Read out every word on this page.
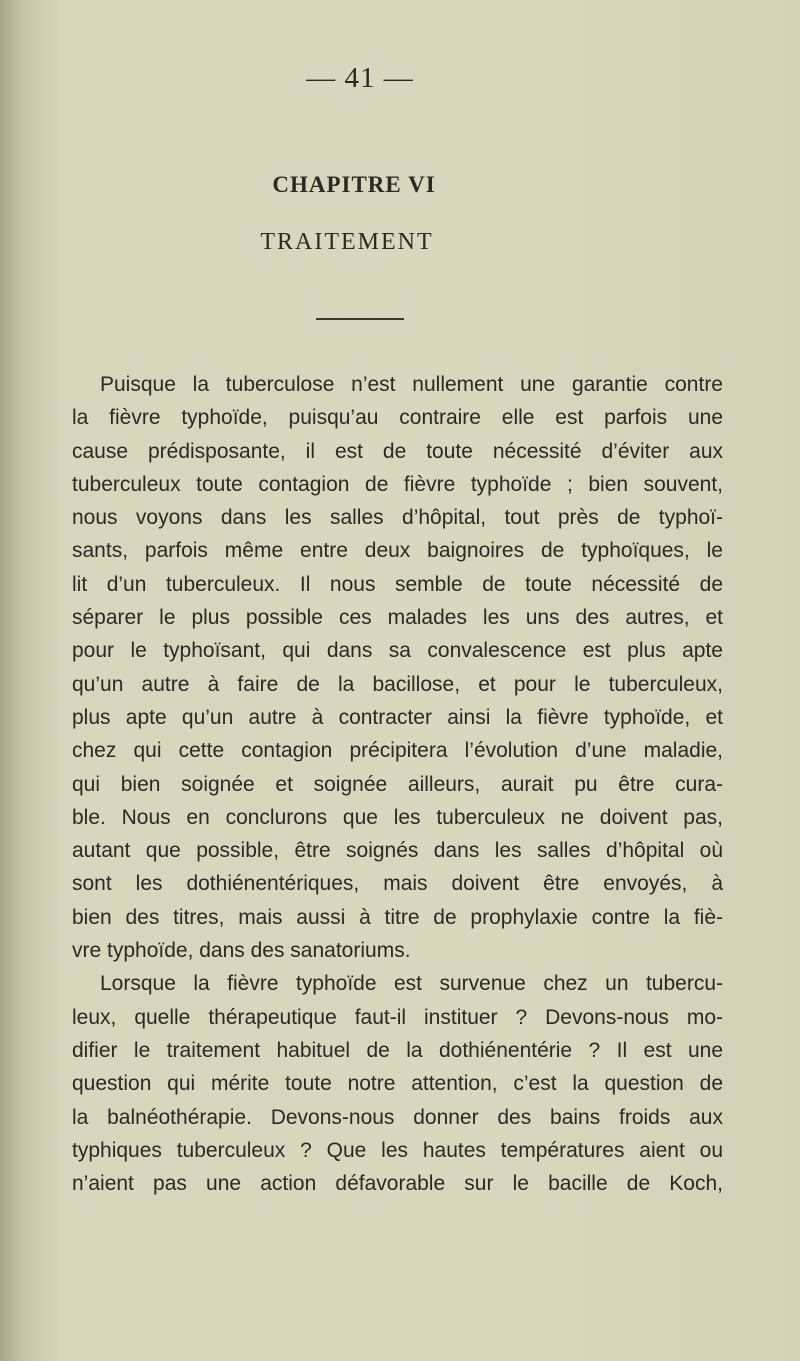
— 41 —
CHAPITRE VI
TRAITEMENT
Puisque la tuberculose n’est nullement une garantie contre
la fièvre typhoïde, puisqu’au contraire elle est parfois une
cause prédisposante, il est de toute nécessité d’éviter aux
tuberculeux toute contagion de fièvre typhoïde ; bien souvent,
nous voyons dans les salles d’hôpital, tout près de typhoï-
sants, parfois même entre deux baignoires de typhoïques, le
lit d’un tuberculeux. Il nous semble de toute nécessité de
séparer le plus possible ces malades les uns des autres, et
pour le typhoïsant, qui dans sa convalescence est plus apte
qu’un autre à faire de la bacillose, et pour le tuberculeux,
plus apte qu’un autre à contracter ainsi la fièvre typhoïde, et
chez qui cette contagion précipitera l’évolution d’une maladie,
qui bien soignée et soignée ailleurs, aurait pu être cura-
ble. Nous en conclurons que les tuberculeux ne doivent pas,
autant que possible, être soignés dans les salles d’hôpital où
sont les dothiénentériques, mais doivent être envoyés, à
bien des titres, mais aussi à titre de prophylaxie contre la fiè-
vre typhoïde, dans des sanatoriums.
Lorsque la fièvre typhoïde est survenue chez un tubercu-
leux, quelle thérapeutique faut-il instituer ? Devons-nous mo-
difier le traitement habituel de la dothiénentérie ? Il est une
question qui mérite toute notre attention, c’est la question de
la balnéothérapie. Devons-nous donner des bains froids aux
typhiques tuberculeux ? Que les hautes températures aient ou
n’aient pas une action défavorable sur le bacille de Koch,
